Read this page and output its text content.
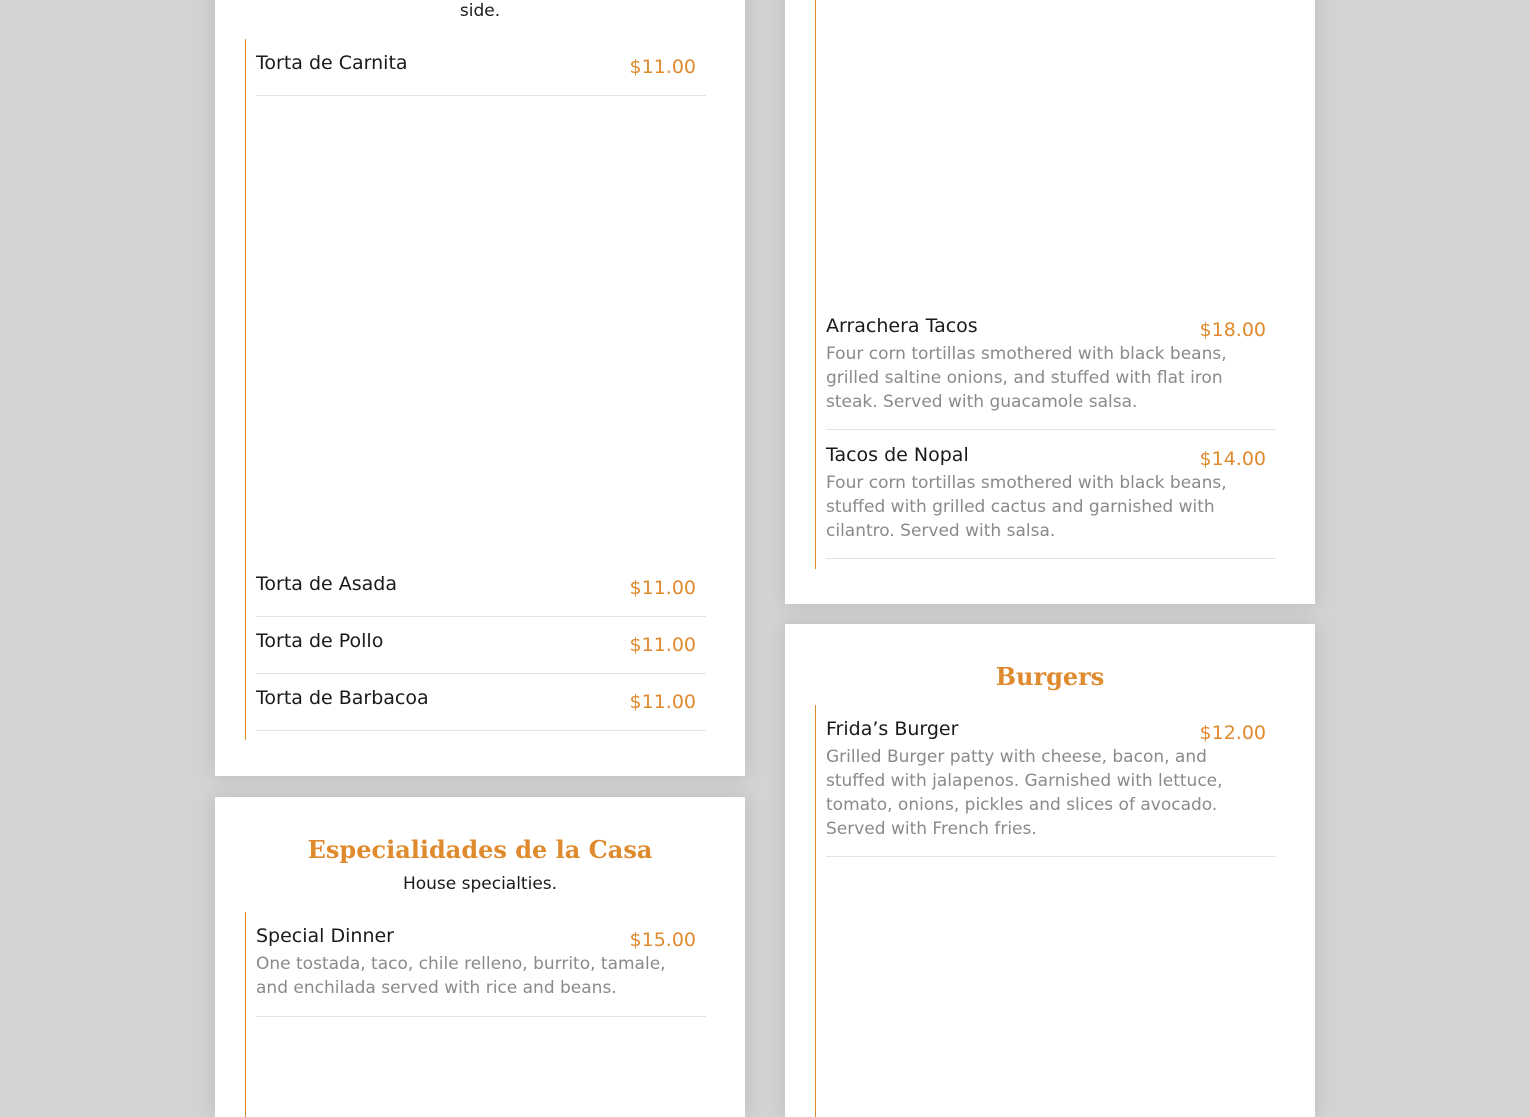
side.
Torta de Carnita	$11.00
Torta de Asada	$11.00
Torta de Pollo	$11.00
Torta de Barbacoa	$11.00
Especialidades de la Casa
House specialties.
Special Dinner	$15.00
One tostada, taco, chile relleno, burrito, tamale, and enchilada served with rice and beans.
Arrachera Tacos	$18.00
Four corn tortillas smothered with black beans, grilled saltine onions, and stuffed with flat iron steak. Served with guacamole salsa.
Tacos de Nopal	$14.00
Four corn tortillas smothered with black beans, stuffed with grilled cactus and garnished with cilantro. Served with salsa.
Burgers
Frida’s Burger	$12.00
Grilled Burger patty with cheese, bacon, and stuffed with jalapenos. Garnished with lettuce, tomato, onions, pickles and slices of avocado. Served with French fries.
